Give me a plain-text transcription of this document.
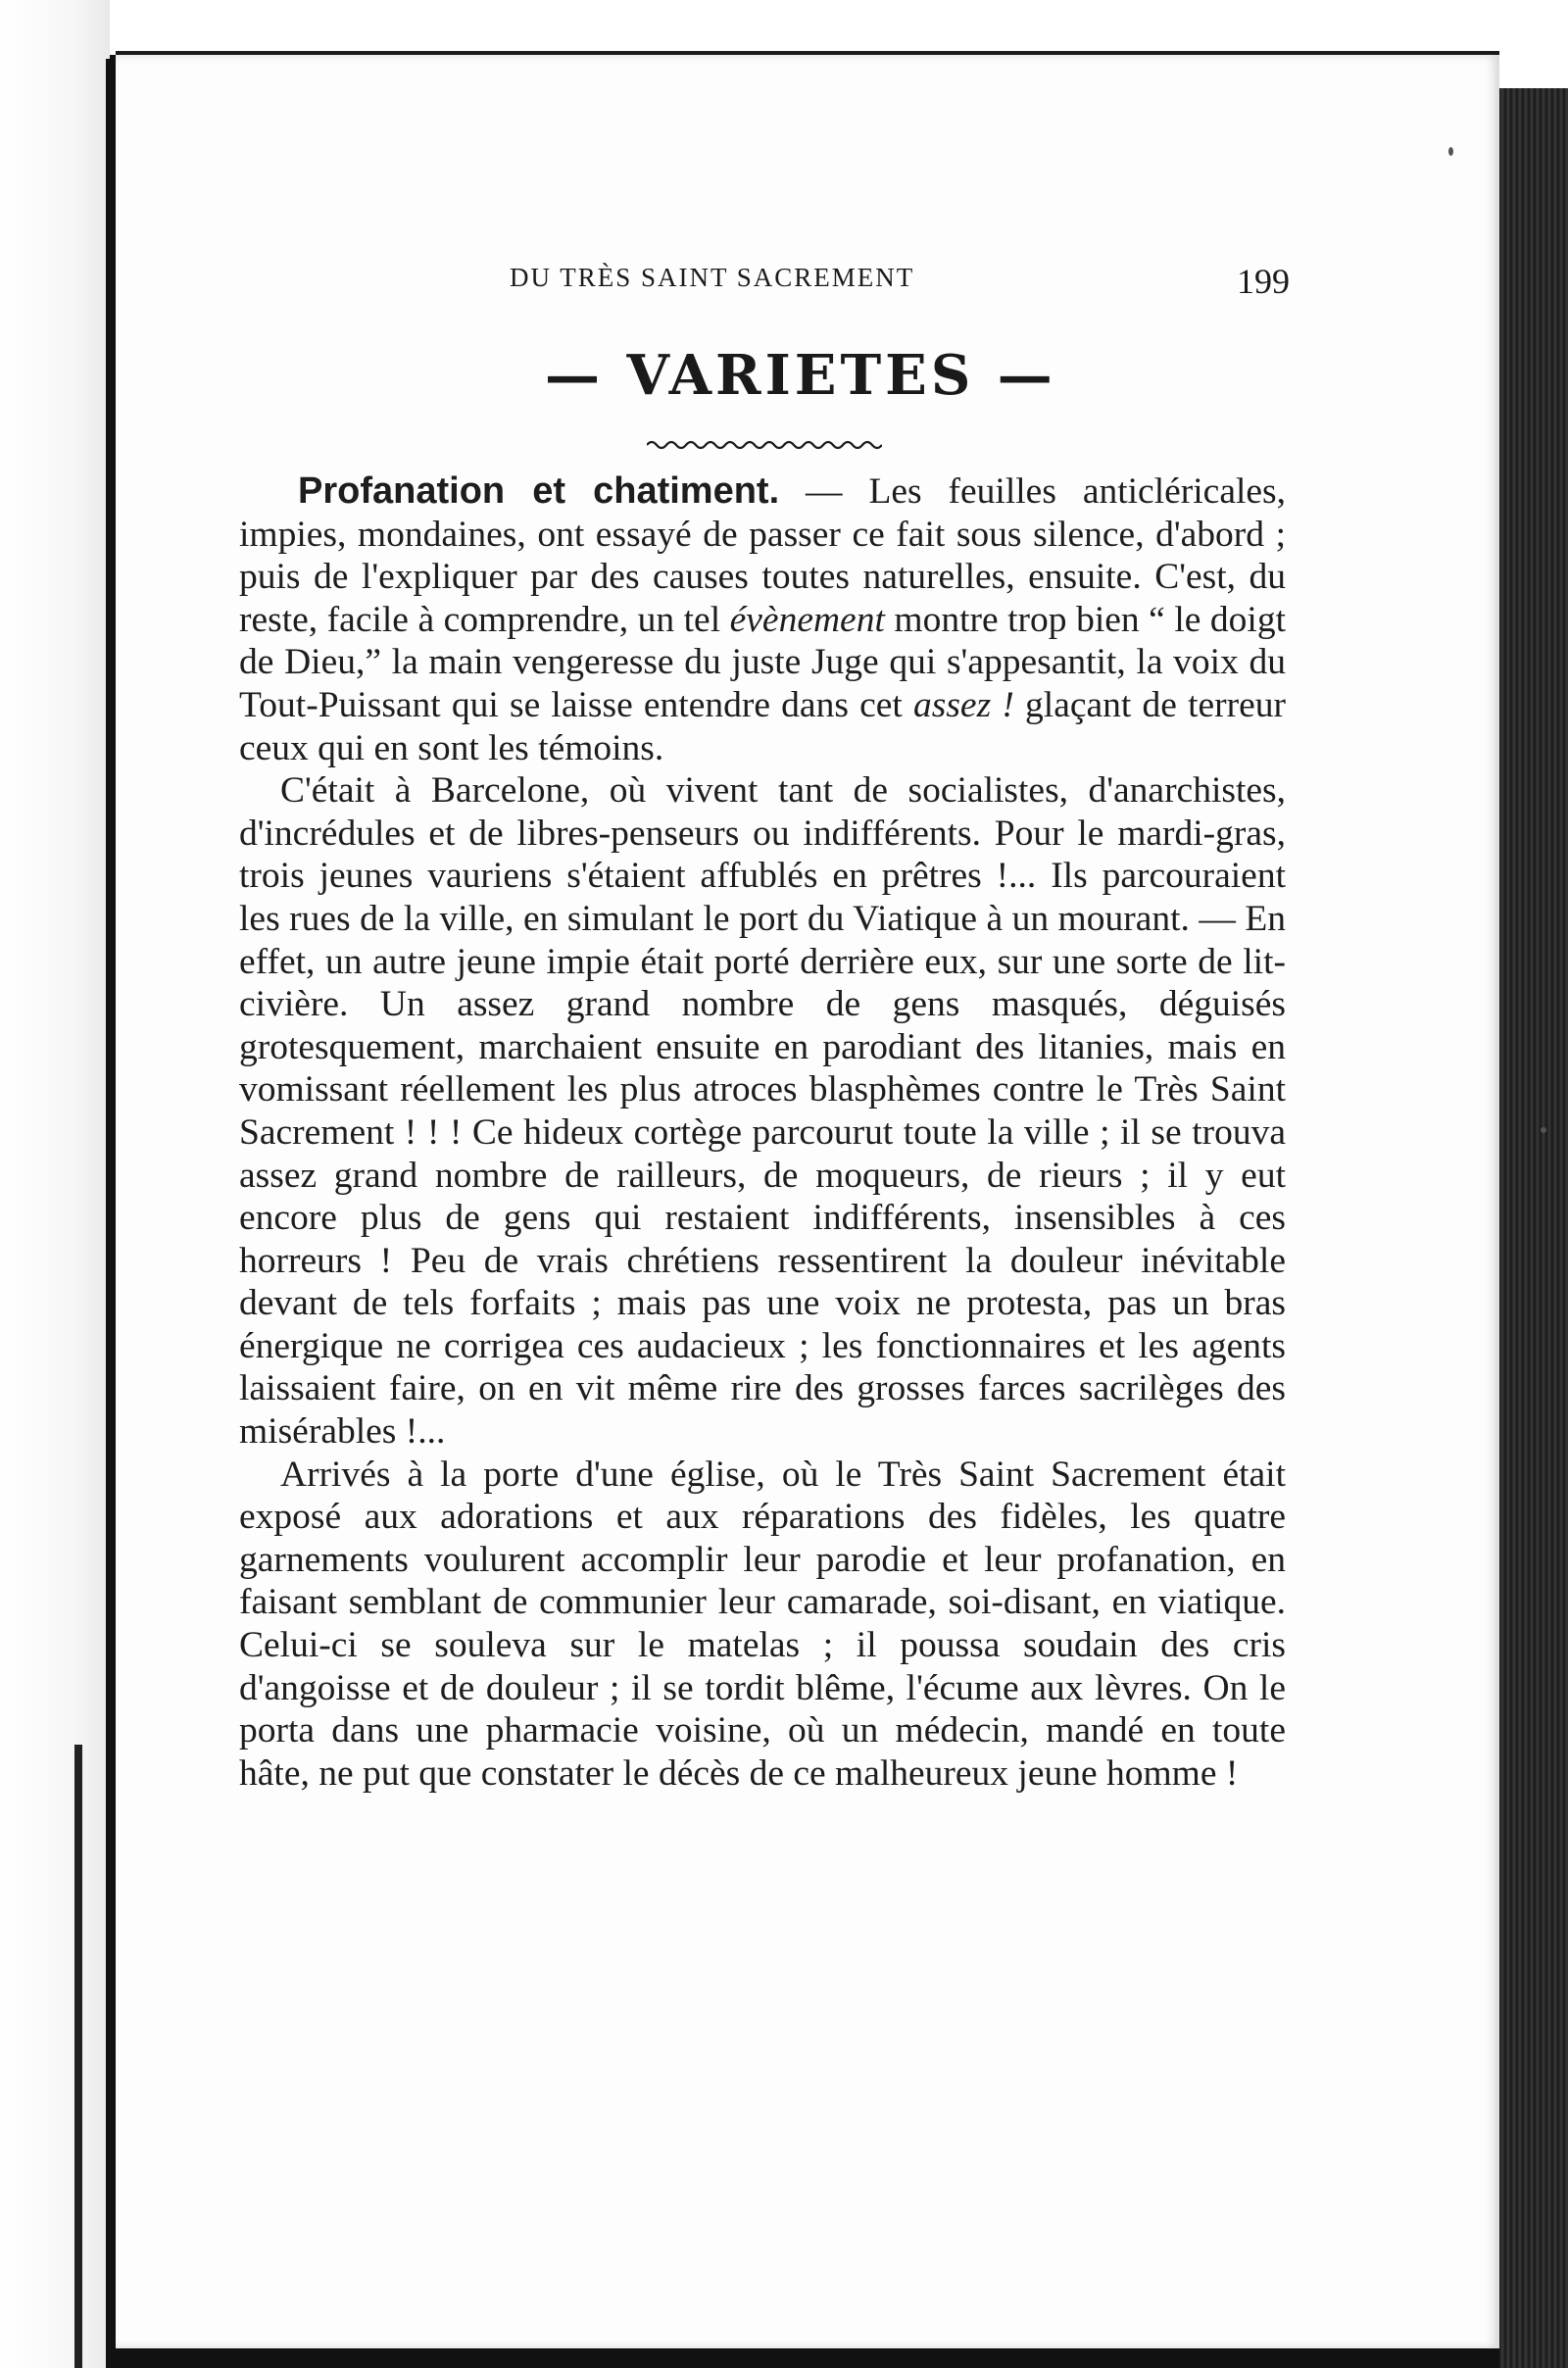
DU TRÈS SAINT SACREMENT	199
— VARIETES —

Profanation et chatiment. — Les feuilles anticléricales, impies, mondaines, ont essayé de passer ce fait sous silence, d'abord ; puis de l'expliquer par des causes toutes naturelles, ensuite. C'est, du reste, facile à comprendre, un tel évènement montre trop bien “ le doigt de Dieu,” la main vengeresse du juste Juge qui s'appesantit, la voix du Tout-Puissant qui se laisse entendre dans cet assez ! glaçant de terreur ceux qui en sont les témoins.

C'était à Barcelone, où vivent tant de socialistes, d'anarchistes, d'incrédules et de libres-penseurs ou indifférents. Pour le mardi-gras, trois jeunes vauriens s'étaient affublés en prêtres !... Ils parcouraient les rues de la ville, en simulant le port du Viatique à un mourant. — En effet, un autre jeune impie était porté derrière eux, sur une sorte de lit-civière. Un assez grand nombre de gens masqués, déguisés grotesquement, marchaient ensuite en parodiant des litanies, mais en vomissant réellement les plus atroces blasphèmes contre le Très Saint Sacrement ! ! ! Ce hideux cortège parcourut toute la ville ; il se trouva assez grand nombre de railleurs, de moqueurs, de rieurs ; il y eut encore plus de gens qui restaient indifférents, insensibles à ces horreurs ! Peu de vrais chrétiens ressentirent la douleur inévitable devant de tels forfaits ; mais pas une voix ne protesta, pas un bras énergique ne corrigea ces audacieux ; les fonctionnaires et les agents laissaient faire, on en vit même rire des grosses farces sacrilèges des misérables !...

Arrivés à la porte d'une église, où le Très Saint Sacrement était exposé aux adorations et aux réparations des fidèles, les quatre garnements voulurent accomplir leur parodie et leur profanation, en faisant semblant de communier leur camarade, soi-disant, en viatique. Celui-ci se souleva sur le matelas ; il poussa soudain des cris d'angoisse et de douleur ; il se tordit blême, l'écume aux lèvres. On le porta dans une pharmacie voisine, où un médecin, mandé en toute hâte, ne put que constater le décès de ce malheureux jeune homme !
